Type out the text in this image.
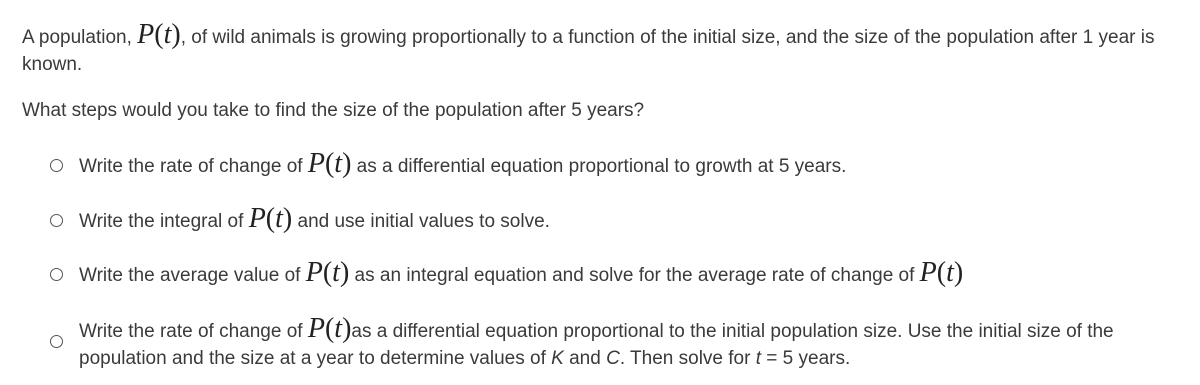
A population, P(t), of wild animals is growing proportionally to a function of the initial size, and the size of the population after 1 year is known.
What steps would you take to find the size of the population after 5 years?
Write the rate of change of P(t) as a differential equation proportional to growth at 5 years.
Write the integral of P(t) and use initial values to solve.
Write the average value of P(t) as an integral equation and solve for the average rate of change of P(t)
Write the rate of change of P(t)as a differential equation proportional to the initial population size. Use the initial size of the population and the size at a year to determine values of K and C. Then solve for t = 5 years.
